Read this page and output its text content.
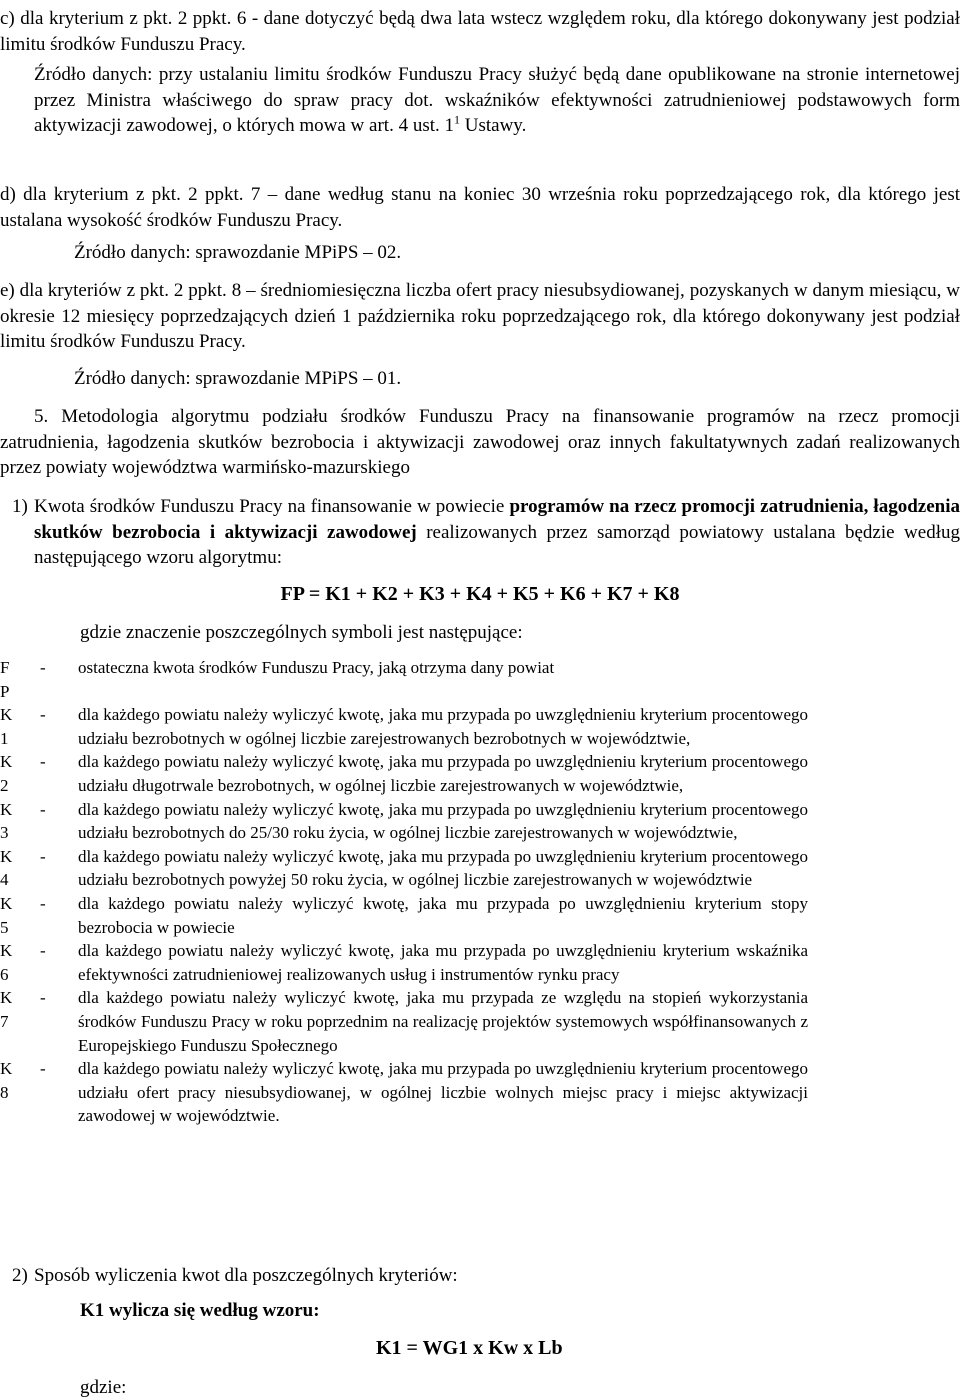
c) dla kryterium z pkt. 2 ppkt. 6 - dane dotyczyć będą dwa lata wstecz względem roku, dla którego dokonywany jest podział limitu środków Funduszu Pracy.

Źródło danych: przy ustalaniu limitu środków Funduszu Pracy służyć będą dane opublikowane na stronie internetowej przez Ministra właściwego do spraw pracy dot. wskaźników efektywności zatrudnieniowej podstawowych form aktywizacji zawodowej, o których mowa w art. 4 ust. $1^1$ Ustawy.

d) dla kryterium z pkt. 2 ppkt. 7 – dane według stanu na koniec 30 września roku poprzedzającego rok, dla którego jest ustalana wysokość środków Funduszu Pracy.

Źródło danych: sprawozdanie MPiPS – 02.

e) dla kryteriów z pkt. 2 ppkt. 8 – średniomiesięczna liczba ofert pracy niesubsydiowanej, pozyskanych w danym miesiącu, w okresie 12 miesięcy poprzedzających dzień 1 października roku poprzedzającego rok, dla którego dokonywany jest podział limitu środków Funduszu Pracy.

Źródło danych: sprawozdanie MPiPS – 01.

5. Metodologia algorytmu podziału środków Funduszu Pracy na finansowanie programów na rzecz promocji zatrudnienia, łagodzenia skutków bezrobocia i aktywizacji zawodowej oraz innych fakultatywnych zadań realizowanych przez powiaty województwa warmińsko-mazurskiego

1) Kwota środków Funduszu Pracy na finansowanie w powiecie programów na rzecz promocji zatrudnienia, łagodzenia skutków bezrobocia i aktywizacji zawodowej realizowanych przez samorząd powiatowy ustalana będzie według następującego wzoru algorytmu:

FP = K1 + K2 + K3 + K4 + K5 + K6 + K7 + K8

gdzie znaczenie poszczególnych symboli jest następujące:

F
P
-	ostateczna kwota środków Funduszu Pracy, jaką otrzyma dany powiat
K
1
-	dla każdego powiatu należy wyliczyć kwotę, jaka mu przypada po uwzględnieniu kryterium procentowego udziału bezrobotnych w ogólnej liczbie zarejestrowanych bezrobotnych w województwie,
K
2
-	dla każdego powiatu należy wyliczyć kwotę, jaka mu przypada po uwzględnieniu kryterium procentowego udziału długotrwale bezrobotnych, w ogólnej liczbie zarejestrowanych w województwie,
K
3
-	dla każdego powiatu należy wyliczyć kwotę, jaka mu przypada po uwzględnieniu kryterium procentowego udziału bezrobotnych do 25/30 roku życia, w ogólnej liczbie zarejestrowanych w województwie,
K
4
-	dla każdego powiatu należy wyliczyć kwotę, jaka mu przypada po uwzględnieniu kryterium procentowego udziału bezrobotnych powyżej 50 roku życia, w ogólnej liczbie zarejestrowanych w województwie
K
5
-	dla każdego powiatu należy wyliczyć kwotę, jaka mu przypada po uwzględnieniu kryterium stopy bezrobocia w powiecie
K
6
-	dla każdego powiatu należy wyliczyć kwotę, jaka mu przypada po uwzględnieniu kryterium wskaźnika efektywności zatrudnieniowej realizowanych usług i instrumentów rynku pracy
K
7
-	dla każdego powiatu należy wyliczyć kwotę, jaka mu przypada ze względu na stopień wykorzystania środków Funduszu Pracy w roku poprzednim na realizację projektów systemowych współfinansowanych z Europejskiego Funduszu Społecznego
K
8
-	dla każdego powiatu należy wyliczyć kwotę, jaka mu przypada po uwzględnieniu kryterium procentowego udziału ofert pracy niesubsydiowanej, w ogólnej liczbie wolnych miejsc pracy i miejsc aktywizacji zawodowej w województwie.
2) Sposób wyliczenia kwot dla poszczególnych kryteriów:

K1 wylicza się według wzoru:

K1 = WG1 x Kw x Lb

gdzie:
